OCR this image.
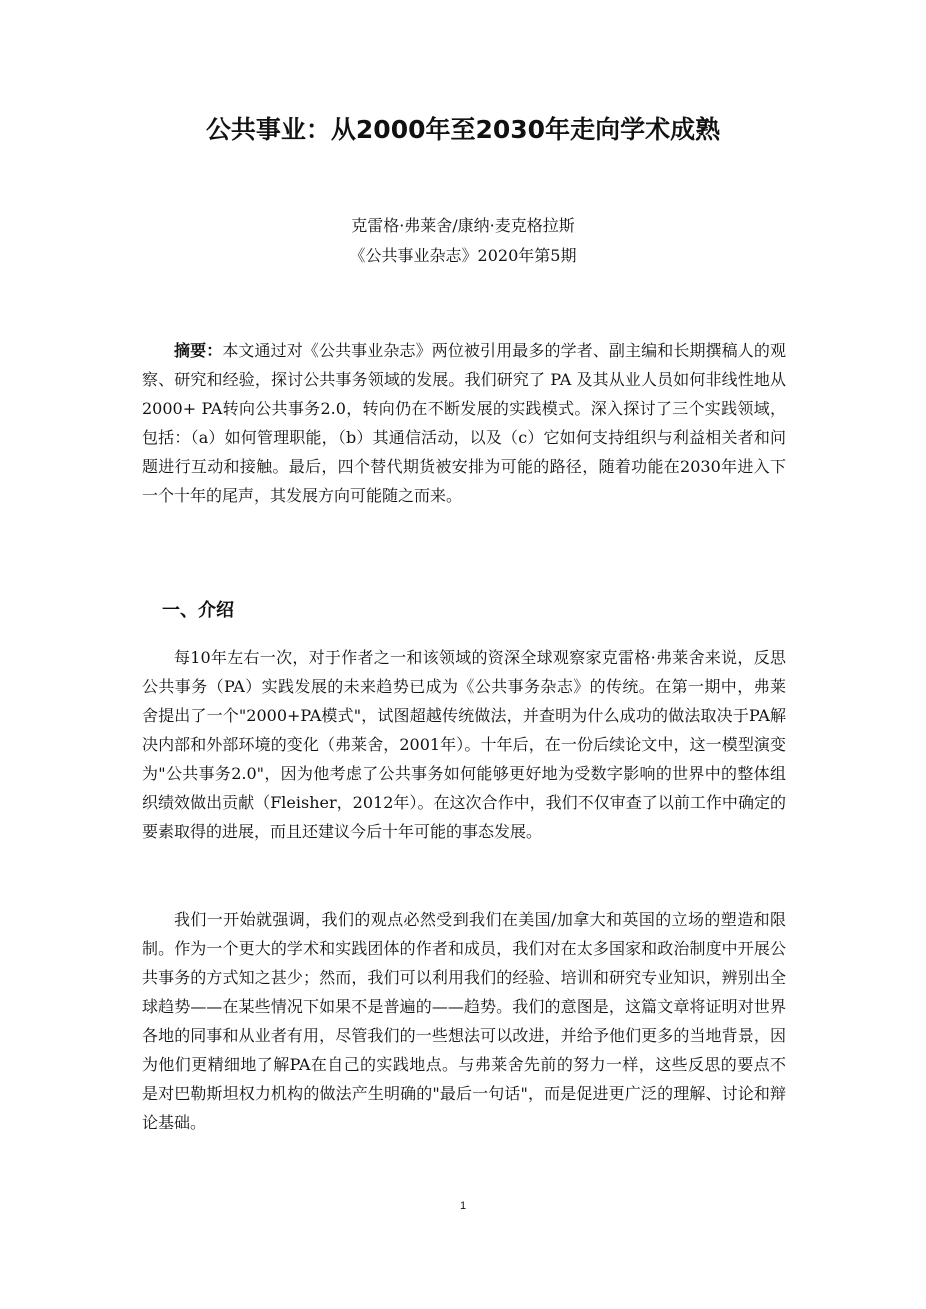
公共事业：从2000年至2030年走向学术成熟

克雷格·弗莱舍/康纳·麦克格拉斯

《公共事业杂志》2020年第5期

摘要：本文通过对《公共事业杂志》两位被引用最多的学者、副主编和长期撰稿人的观察、研究和经验，探讨公共事务领域的发展。我们研究了 PA 及其从业人员如何非线性地从 2000+ PA转向公共事务2.0，转向仍在不断发展的实践模式。深入探讨了三个实践领域，包括：（a）如何管理职能，（b）其通信活动，以及（c）它如何支持组织与利益相关者和问题进行互动和接触。最后，四个替代期货被安排为可能的路径，随着功能在2030年进入下一个十年的尾声，其发展方向可能随之而来。

一、介绍

每10年左右一次，对于作者之一和该领域的资深全球观察家克雷格·弗莱舍来说，反思公共事务（PA）实践发展的未来趋势已成为《公共事务杂志》的传统。在第一期中，弗莱舍提出了一个"2000+PA模式"，试图超越传统做法，并查明为什么成功的做法取决于PA解决内部和外部环境的变化（弗莱舍，2001年）。十年后，在一份后续论文中，这一模型演变为"公共事务2.0"，因为他考虑了公共事务如何能够更好地为受数字影响的世界中的整体组织绩效做出贡献（Fleisher，2012年）。在这次合作中，我们不仅审查了以前工作中确定的要素取得的进展，而且还建议今后十年可能的事态发展。

我们一开始就强调，我们的观点必然受到我们在美国/加拿大和英国的立场的塑造和限制。作为一个更大的学术和实践团体的作者和成员，我们对在太多国家和政治制度中开展公共事务的方式知之甚少；然而，我们可以利用我们的经验、培训和研究专业知识，辨别出全球趋势——在某些情况下如果不是普遍的——趋势。我们的意图是，这篇文章将证明对世界各地的同事和从业者有用，尽管我们的一些想法可以改进，并给予他们更多的当地背景，因为他们更精细地了解PA在自己的实践地点。与弗莱舍先前的努力一样，这些反思的要点不是对巴勒斯坦权力机构的做法产生明确的"最后一句话"，而是促进更广泛的理解、讨论和辩论基础。

1
